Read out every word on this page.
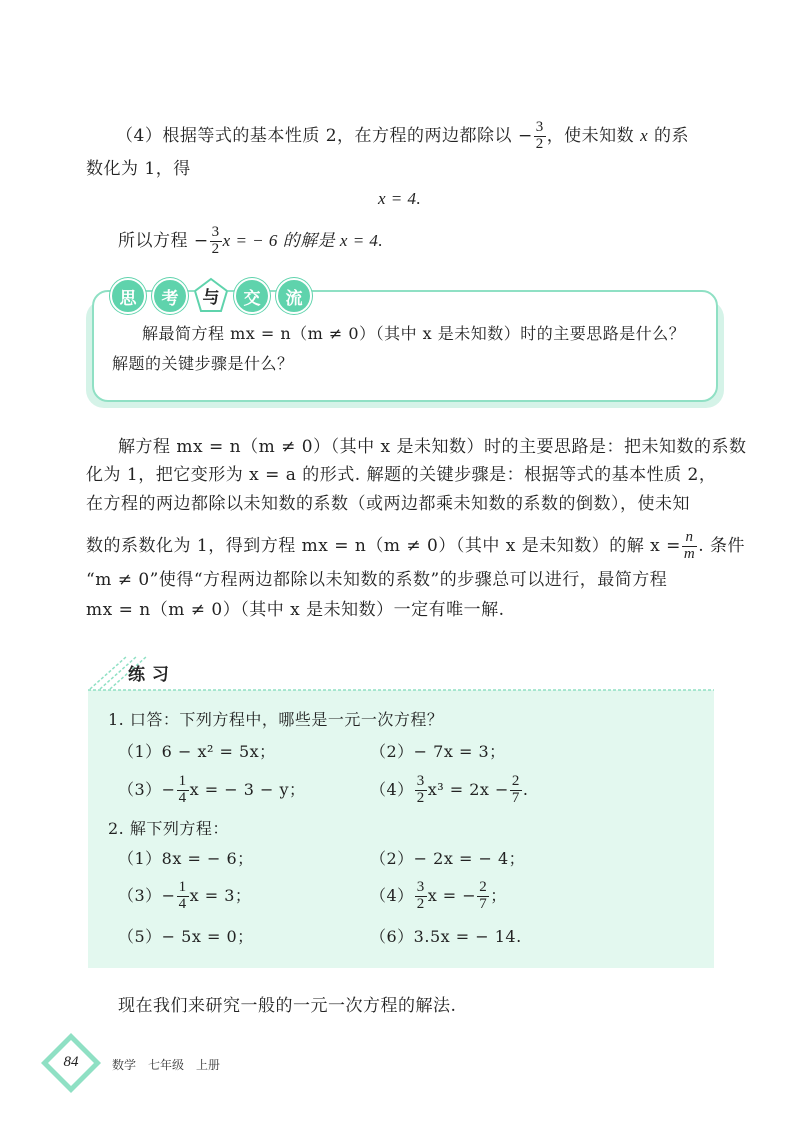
（4）根据等式的基本性质 2，在方程的两边都除以 − $\frac{3}{2}$ ，使未知数 x 的系
数化为 1，得
x = 4.
所以方程 − $\frac{3}{2}$ x = − 6 的解是 x = 4.
思	考	与	交	流
解最简方程 mx = n（m ≠ 0）（其中 x 是未知数）时的主要思路是什么？
解题的关键步骤是什么？
解方程 mx = n（m ≠ 0）（其中 x 是未知数）时的主要思路是：把未知数的系数
化为 1，把它变形为 x = a 的形式. 解题的关键步骤是：根据等式的基本性质 2，
在方程的两边都除以未知数的系数（或两边都乘未知数的系数的倒数），使未知
数的系数化为 1，得到方程 mx = n（m ≠ 0）（其中 x 是未知数）的解 $x = \frac{n}{m}$ . 条件
“m ≠ 0”使得“方程两边都除以未知数的系数”的步骤总可以进行，最简方程
mx = n（m ≠ 0）（其中 x 是未知数）一定有唯一解.
练 习
1. 口答：下列方程中，哪些是一元一次方程？
（1）6 − x² = 5x；	（2）− 7x = 3；
$(3)- \frac{1}{4}$ x = − 3 − y；	$(4) \frac{3}{2} x^3 = 2x - \frac{2}{7}$ .
2. 解下列方程：
（1）8x = − 6；	（2）− 2x = − 4；
$(3)- \frac{1}{4}$ x = 3；	$(4) \frac{3}{2}$ x = − $\frac{2}{7}$ ；
（5）− 5x = 0；	（6）3.5x = − 14.
现在我们来研究一般的一元一次方程的解法.
84	数学　七年级　上册
